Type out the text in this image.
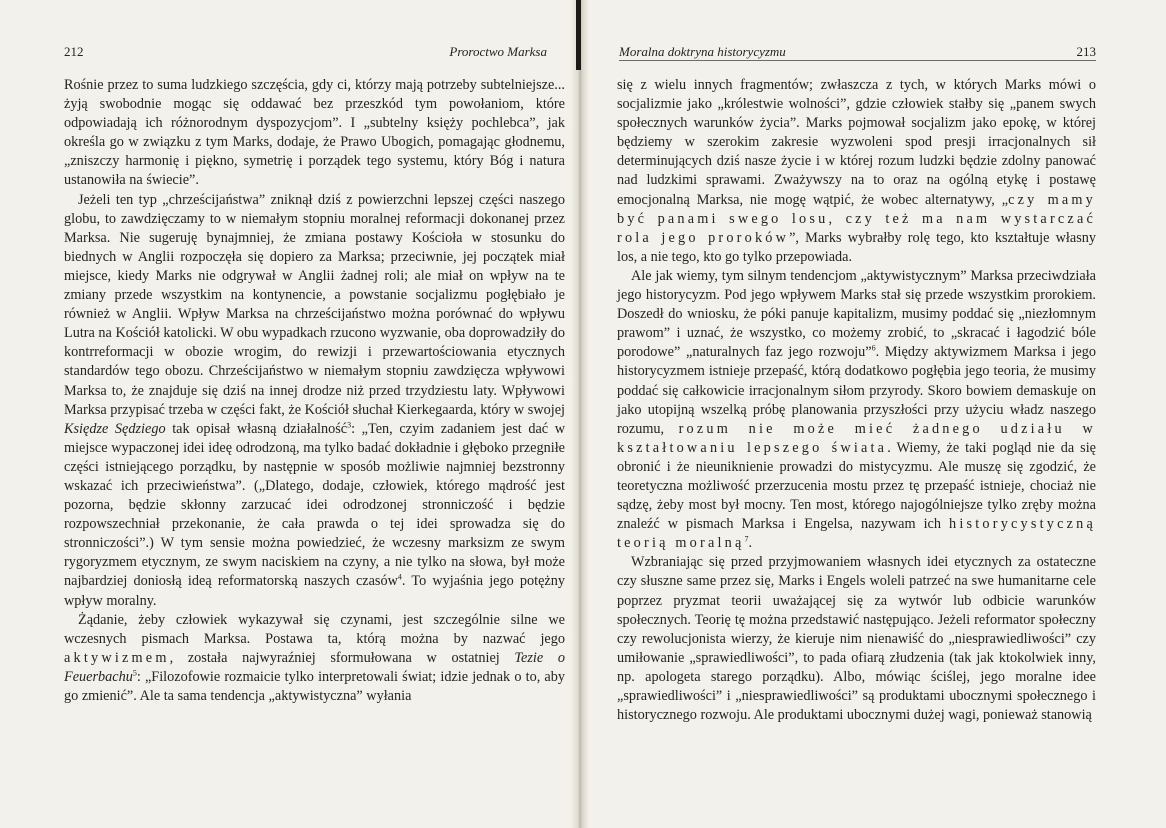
212	Proroctwo Marksa

Rośnie przez to suma ludzkiego szczęścia, gdy ci, którzy mają potrzeby subtelniejsze... żyją swobodnie mogąc się oddawać bez przeszkód tym powołaniom, które odpowiadają ich różnorodnym dyspozycjom”. I „subtelny księży pochlebca”, jak określa go w związku z tym Marks, dodaje, że Prawo Ubogich, pomagając głodnemu, „zniszczy harmonię i piękno, symetrię i porządek tego systemu, który Bóg i natura ustanowiła na świecie”.

Jeżeli ten typ „chrześcijaństwa” zniknął dziś z powierzchni lepszej części naszego globu, to zawdzięczamy to w niemałym stopniu moralnej reformacji dokonanej przez Marksa. Nie sugeruję bynajmniej, że zmiana postawy Kościoła w stosunku do biednych w Anglii rozpoczęła się dopiero za Marksa; przeciwnie, jej początek miał miejsce, kiedy Marks nie odgrywał w Anglii żadnej roli; ale miał on wpływ na te zmiany przede wszystkim na kontynencie, a powstanie socjalizmu pogłębiało je również w Anglii. Wpływ Marksa na chrześcijaństwo można porównać do wpływu Lutra na Kościół katolicki. W obu wypadkach rzucono wyzwanie, oba doprowadziły do kontrreformacji w obozie wrogim, do rewizji i przewartościowania etycznych standardów tego obozu. Chrześcijaństwo w niemałym stopniu zawdzięcza wpływowi Marksa to, że znajduje się dziś na innej drodze niż przed trzydziestu laty. Wpływowi Marksa przypisać trzeba w części fakt, że Kościół słuchał Kierkegaarda, który w swojej Księdze Sędziego tak opisał własną działalność$^3$: „Ten, czyim zadaniem jest dać w miejsce wypaczonej idei ideę odrodzoną, ma tylko badać dokładnie i głęboko przegniłe części istniejącego porządku, by następnie w sposób możliwie najmniej bezstronny wskazać ich przeciwieństwa”. („Dlatego, dodaje, człowiek, którego mądrość jest pozorna, będzie skłonny zarzucać idei odrodzonej stronniczość i będzie rozpowszechniał przekonanie, że cała prawda o tej idei sprowadza się do stronniczości”.) W tym sensie można powiedzieć, że wczesny marksizm ze swym rygoryzmem etycznym, ze swym naciskiem na czyny, a nie tylko na słowa, był może najbardziej doniosłą ideą reformatorską naszych czasów$^4$. To wyjaśnia jego potężny wpływ moralny.

Żądanie, żeby człowiek wykazywał się czynami, jest szczególnie silne we wczesnych pismach Marksa. Postawa ta, którą można by nazwać jego aktywizmem, została najwyraźniej sformułowana w ostatniej Tezie o Feuerbachu$^5$: „Filozofowie rozmaicie tylko interpretowali świat; idzie jednak o to, aby go zmienić”. Ale ta sama tendencja „aktywistyczna” wyłania

Moralna doktryna historycyzmu	213

się z wielu innych fragmentów; zwłaszcza z tych, w których Marks mówi o socjalizmie jako „królestwie wolności”, gdzie człowiek stałby się „panem swych społecznych warunków życia”. Marks pojmował socjalizm jako epokę, w której będziemy w szerokim zakresie wyzwoleni spod presji irracjonalnych sił determinujących dziś nasze życie i w której rozum ludzki będzie zdolny panować nad ludzkimi sprawami. Zważywszy na to oraz na ogólną etykę i postawę emocjonalną Marksa, nie mogę wątpić, że wobec alternatywy, „czy mamy być panami swego losu, czy też ma nam wystarczać rola jego proroków”, Marks wybrałby rolę tego, kto kształtuje własny los, a nie tego, kto go tylko przepowiada.

Ale jak wiemy, tym silnym tendencjom „aktywistycznym” Marksa przeciwdziała jego historycyzm. Pod jego wpływem Marks stał się przede wszystkim prorokiem. Doszedł do wniosku, że póki panuje kapitalizm, musimy poddać się „niezłomnym prawom” i uznać, że wszystko, co możemy zrobić, to „skracać i łagodzić bóle porodowe” „naturalnych faz jego rozwoju”$^6$. Między aktywizmem Marksa i jego historycyzmem istnieje przepaść, którą dodatkowo pogłębia jego teoria, że musimy poddać się całkowicie irracjonalnym siłom przyrody. Skoro bowiem demaskuje on jako utopijną wszelką próbę planowania przyszłości przy użyciu władz naszego rozumu, rozum nie może mieć żadnego udziału w kształtowaniu lepszego świata. Wiemy, że taki pogląd nie da się obronić i że nieuniknienie prowadzi do mistycyzmu. Ale muszę się zgodzić, że teoretyczna możliwość przerzucenia mostu przez tę przepaść istnieje, chociaż nie sądzę, żeby most był mocny. Ten most, którego najogólniejsze tylko zręby można znaleźć w pismach Marksa i Engelsa, nazywam ich historycystyczną teorią moralną$^7$.

Wzbraniając się przed przyjmowaniem własnych idei etycznych za ostateczne czy słuszne same przez się, Marks i Engels woleli patrzeć na swe humanitarne cele poprzez pryzmat teorii uważającej się za wytwór lub odbicie warunków społecznych. Teorię tę można przedstawić następująco. Jeżeli reformator społeczny czy rewolucjonista wierzy, że kieruje nim nienawiść do „niesprawiedliwości” czy umiłowanie „sprawiedliwości”, to pada ofiarą złudzenia (tak jak ktokolwiek inny, np. apologeta starego porządku). Albo, mówiąc ściślej, jego moralne idee „sprawiedliwości” i „niesprawiedliwości” są produktami ubocznymi społecznego i historycznego rozwoju. Ale produktami ubocznymi dużej wagi, ponieważ stanowią
